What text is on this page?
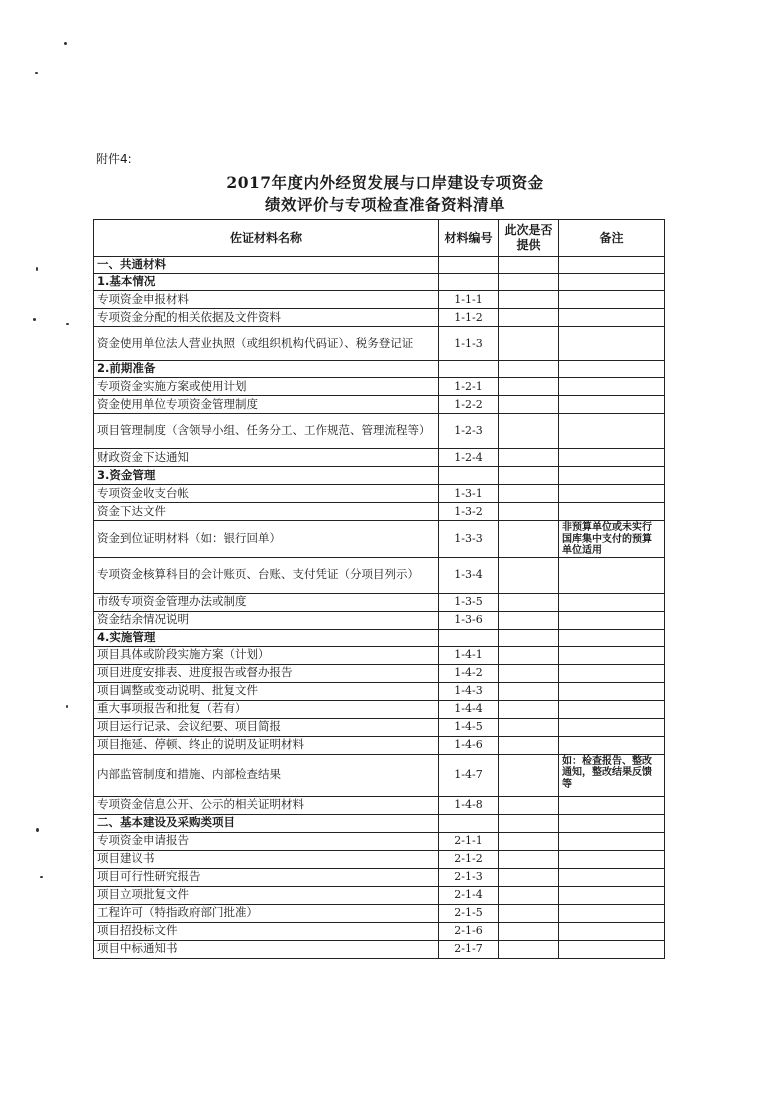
附件4:
2017年度内外经贸发展与口岸建设专项资金
绩效评价与专项检查准备资料清单
佐证材料名称	材料编号	此次是否提供	备注
一、共通材料			
1.基本情况			
专项资金申报材料	1-1-1		
专项资金分配的相关依据及文件资料	1-1-2		
资金使用单位法人营业执照（或组织机构代码证）、税务登记证	1-1-3		
2.前期准备			
专项资金实施方案或使用计划	1-2-1		
资金使用单位专项资金管理制度	1-2-2		
项目管理制度（含领导小组、任务分工、工作规范、管理流程等）	1-2-3		
财政资金下达通知	1-2-4		
3.资金管理			
专项资金收支台帐	1-3-1		
资金下达文件	1-3-2		
资金到位证明材料（如：银行回单）	1-3-3		非预算单位或未实行国库集中支付的预算单位适用
专项资金核算科目的会计账页、台账、支付凭证（分项目列示）	1-3-4		
市级专项资金管理办法或制度	1-3-5		
资金结余情况说明	1-3-6		
4.实施管理			
项目具体或阶段实施方案（计划）	1-4-1		
项目进度安排表、进度报告或督办报告	1-4-2		
项目调整或变动说明、批复文件	1-4-3		
重大事项报告和批复（若有）	1-4-4		
项目运行记录、会议纪要、项目简报	1-4-5		
项目拖延、停顿、终止的说明及证明材料	1-4-6		
内部监管制度和措施、内部检查结果	1-4-7		如：检查报告、整改通知，整改结果反馈等
专项资金信息公开、公示的相关证明材料	1-4-8		
二、基本建设及采购类项目			
专项资金申请报告	2-1-1		
项目建议书	2-1-2		
项目可行性研究报告	2-1-3		
项目立项批复文件	2-1-4		
工程许可（特指政府部门批准）	2-1-5		
项目招投标文件	2-1-6		
项目中标通知书	2-1-7		
